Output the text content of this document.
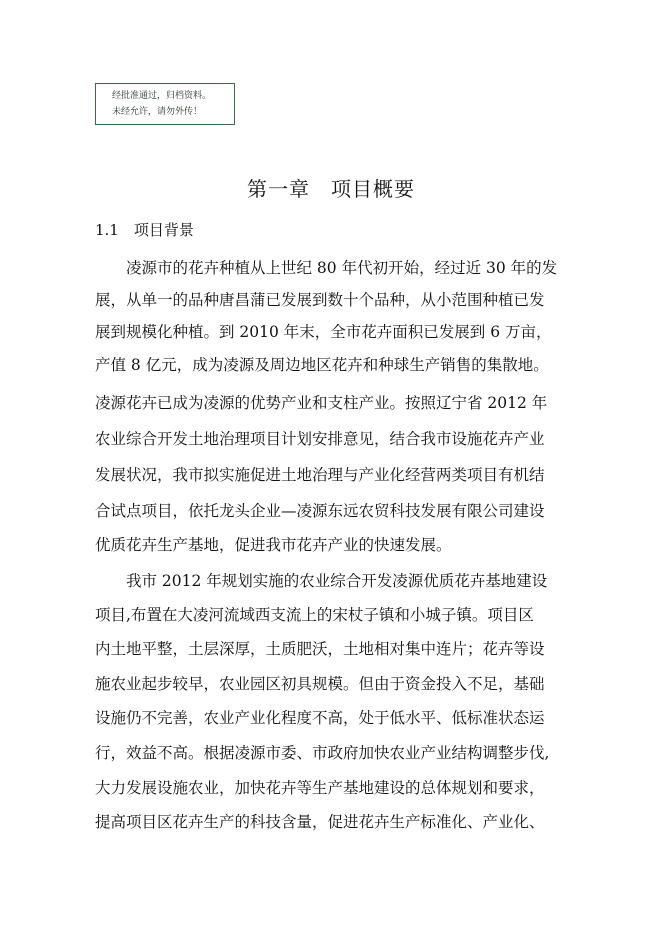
经批准通过，归档资料。
未经允许，请勿外传！
第一章　项目概要
1.1　项目背景
凌源市的花卉种植从上世纪 80 年代初开始，经过近 30 年的发
展，从单一的品种唐昌蒲已发展到数十个品种，从小范围种植已发
展到规模化种植。到 2010 年末，全市花卉面积已发展到 6 万亩，
产值 8 亿元，成为凌源及周边地区花卉和种球生产销售的集散地。
凌源花卉已成为凌源的优势产业和支柱产业。按照辽宁省 2012 年
农业综合开发土地治理项目计划安排意见，结合我市设施花卉产业
发展状况，我市拟实施促进土地治理与产业化经营两类项目有机结
合试点项目，依托龙头企业—凌源东远农贸科技发展有限公司建设
优质花卉生产基地，促进我市花卉产业的快速发展。
我市 2012 年规划实施的农业综合开发凌源优质花卉基地建设
项目,布置在大凌河流域西支流上的宋杖子镇和小城子镇。项目区
内土地平整，土层深厚，土质肥沃，土地相对集中连片；花卉等设
施农业起步较早，农业园区初具规模。但由于资金投入不足，基础
设施仍不完善，农业产业化程度不高，处于低水平、低标准状态运
行，效益不高。根据凌源市委、市政府加快农业产业结构调整步伐,
大力发展设施农业，加快花卉等生产基地建设的总体规划和要求，
提高项目区花卉生产的科技含量，促进花卉生产标准化、产业化、
